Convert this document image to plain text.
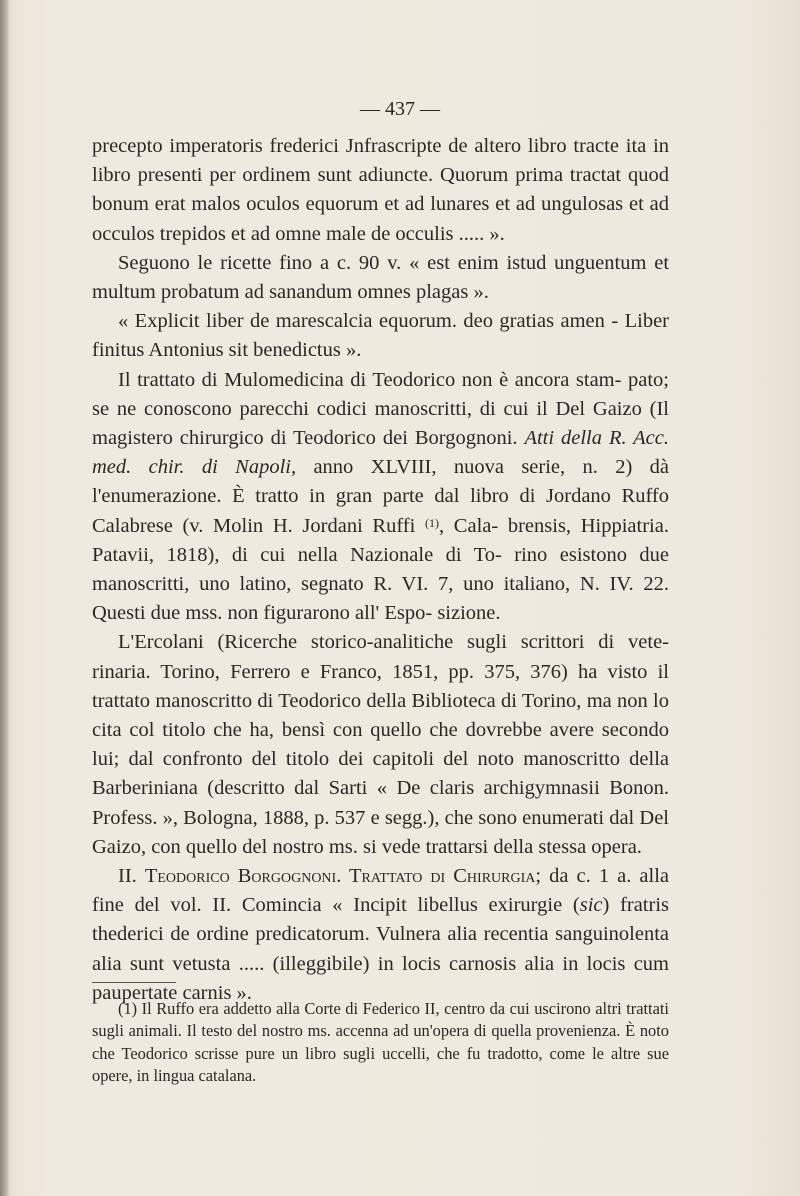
— 437 —

precepto imperatoris frederici Jnfrascripte de altero libro tracte ita in libro presenti per ordinem sunt adiuncte. Quorum prima tractat quod bonum erat malos oculos equorum et ad lunares et ad ungulosas et ad occulos trepidos et ad omne male de occulis ..... ».

Seguono le ricette fino a c. 90 v. « est enim istud unguentum et multum probatum ad sanandum omnes plagas ».

« Explicit liber de marescalcia equorum. deo gratias amen - Liber finitus Antonius sit benedictus ».

Il trattato di Mulomedicina di Teodorico non è ancora stam- pato; se ne conoscono parecchi codici manoscritti, di cui il Del Gaizo (Il magistero chirurgico di Teodorico dei Borgognoni. Atti della R. Acc. med. chir. di Napoli, anno XLVIII, nuova serie, n. 2) dà l'enumerazione. È tratto in gran parte dal libro di Jordano Ruffo Calabrese (v. Molin H. Jordani Ruffi $^{(1)}$, Cala- brensis, Hippiatria. Patavii, 1818), di cui nella Nazionale di To- rino esistono due manoscritti, uno latino, segnato R. VI. 7, uno italiano, N. IV. 22. Questi due mss. non figurarono all' Espo- sizione.

L'Ercolani (Ricerche storico-analitiche sugli scrittori di vete- rinaria. Torino, Ferrero e Franco, 1851, pp. 375, 376) ha visto il trattato manoscritto di Teodorico della Biblioteca di Torino, ma non lo cita col titolo che ha, bensì con quello che dovrebbe avere secondo lui; dal confronto del titolo dei capitoli del noto manoscritto della Barberiniana (descritto dal Sarti « De claris archigymnasii Bonon. Profess. », Bologna, 1888, p. 537 e segg.), che sono enumerati dal Del Gaizo, con quello del nostro ms. si vede trattarsi della stessa opera.

II. Teodorico Borgognoni. Trattato di Chirurgia; da c. 1 a. alla fine del vol. II. Comincia « Incipit libellus exirurgie (sic) fratris thederici de ordine predicatorum. Vulnera alia recentia sanguinolenta alia sunt vetusta ..... (illeggibile) in locis carnosis alia in locis cum paupertate carnis ».

(1) Il Ruffo era addetto alla Corte di Federico II, centro da cui uscirono altri trattati sugli animali. Il testo del nostro ms. accenna ad un'opera di quella provenienza. È noto che Teodorico scrisse pure un libro sugli uccelli, che fu tradotto, come le altre sue opere, in lingua catalana.
